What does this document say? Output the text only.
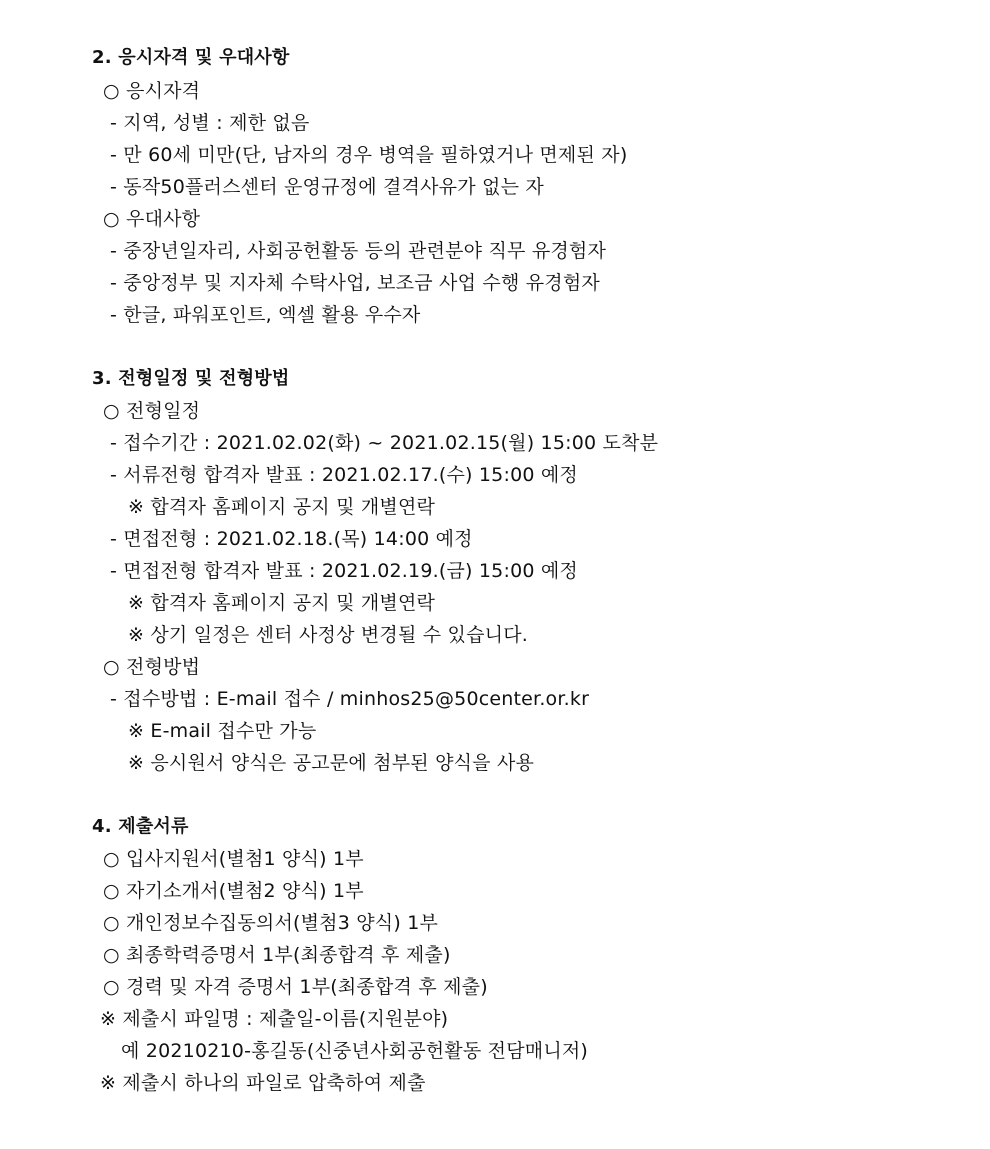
2. 응시자격 및 우대사항
○ 응시자격
- 지역, 성별 : 제한 없음
- 만 60세 미만(단, 남자의 경우 병역을 필하였거나 면제된 자)
- 동작50플러스센터 운영규정에 결격사유가 없는 자
○ 우대사항
- 중장년일자리, 사회공헌활동 등의 관련분야 직무 유경험자
- 중앙정부 및 지자체 수탁사업, 보조금 사업 수행 유경험자
- 한글, 파워포인트, 엑셀 활용 우수자
3. 전형일정 및 전형방법
○ 전형일정
- 접수기간 : 2021.02.02(화) ~ 2021.02.15(월) 15:00 도착분
- 서류전형 합격자 발표 : 2021.02.17.(수) 15:00 예정
※ 합격자 홈페이지 공지 및 개별연락
- 면접전형 : 2021.02.18.(목) 14:00 예정
- 면접전형 합격자 발표 : 2021.02.19.(금) 15:00 예정
※ 합격자 홈페이지 공지 및 개별연락
※ 상기 일정은 센터 사정상 변경될 수 있습니다.
○ 전형방법
- 접수방법 : E-mail 접수 / minhos25@50center.or.kr
※ E-mail 접수만 가능
※ 응시원서 양식은 공고문에 첨부된 양식을 사용
4. 제출서류
○ 입사지원서(별첨1 양식) 1부
○ 자기소개서(별첨2 양식) 1부
○ 개인정보수집동의서(별첨3 양식) 1부
○ 최종학력증명서 1부(최종합격 후 제출)
○ 경력 및 자격 증명서 1부(최종합격 후 제출)
※ 제출시 파일명 : 제출일-이름(지원분야)
예 20210210-홍길동(신중년사회공헌활동 전담매니저)
※ 제출시 하나의 파일로 압축하여 제출
